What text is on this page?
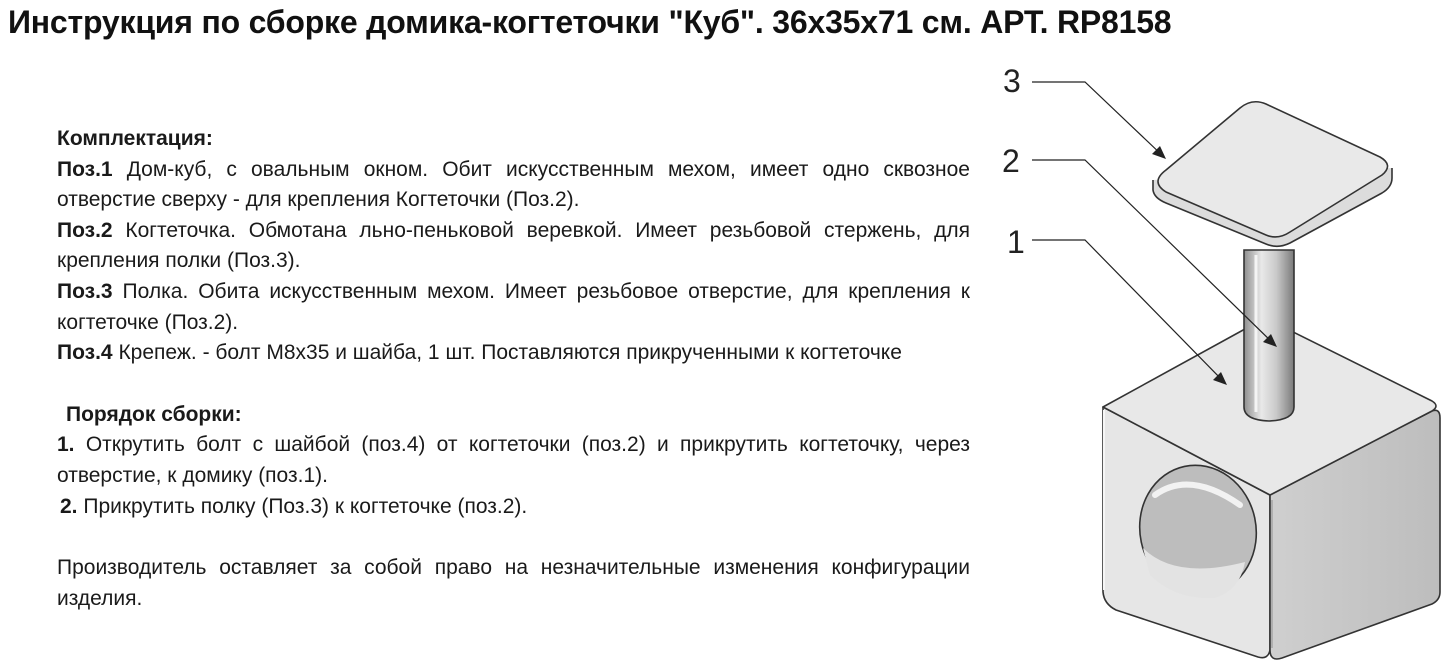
Инструкция по сборке домика-когтеточки "Куб". 36х35х71 см. АРТ. RP8158
Комплектация:
Поз.1 Дом-куб, с овальным окном. Обит искусственным мехом, имеет одно сквозное отверстие сверху - для крепления Когтеточки (Поз.2).
Поз.2 Когтеточка. Обмотана льно-пеньковой веревкой. Имеет резьбовой стержень, для крепления полки (Поз.3).
Поз.3 Полка. Обита искусственным мехом. Имеет резьбовое отверстие, для крепления к когтеточке (Поз.2).
Поз.4 Крепеж. - болт М8х35 и шайба, 1 шт. Поставляются прикрученными к когтеточке
Порядок сборки:
1. Открутить болт с шайбой (поз.4) от когтеточки (поз.2) и прикрутить когтеточку, через отверстие, к домику (поз.1).
2. Прикрутить полку (Поз.3) к когтеточке (поз.2).
Производитель оставляет за собой право на незначительные изменения конфигурации изделия.
3
2
1
